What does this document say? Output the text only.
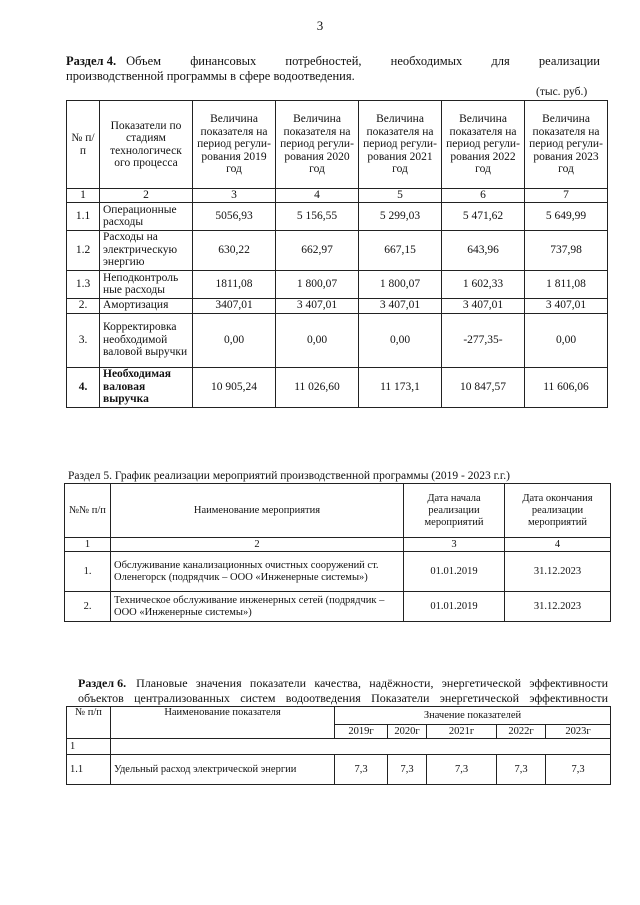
3
Раздел 4. Объем финансовых потребностей, необходимых для реализации
производственной программы в сфере водоотведения.
(тыс. руб.)
№ п/п	Показатели по стадиям технологическ ого процесса	Величина показателя на период регули- рования 2019 год	Величина показателя на период регули- рования 2020 год	Величина показателя на период регули- рования 2021 год	Величина показателя на период регули- рования 2022 год	Величина показателя на период регули- рования 2023 год
1	2	3	4	5	6	7
1.1	Операционные расходы	5056,93	5 156,55	5 299,03	5 471,62	5 649,99
1.2	Расходы на электрическую энергию	630,22	662,97	667,15	643,96	737,98
1.3	Неподконтроль ные расходы	1811,08	1 800,07	1 800,07	1 602,33	1 811,08
2.	Амортизация	3407,01	3 407,01	3 407,01	3 407,01	3 407,01
3.	Корректировка необходимой валовой выручки	0,00	0,00	0,00	-277,35-	0,00
4.	Необходимая валовая выручка	10 905,24	11 026,60	11 173,1	10 847,57	11 606,06
Раздел 5. График реализации мероприятий производственной программы (2019 - 2023 г.г.)
№№ п/п	Наименование мероприятия	Дата начала реализации мероприятий	Дата окончания реализации мероприятий
1	2	3	4
1.	Обслуживание канализационных очистных сооружений ст. Оленегорск (подрядчик – ООО «Инженерные системы»)	01.01.2019	31.12.2023
2.	Техническое обслуживание инженерных сетей (подрядчик – ООО «Инженерные системы»)	01.01.2019	31.12.2023
Раздел 6. Плановые значения показатели качества, надёжности, энергетической эффективности
объектов централизованных систем водоотведения Показатели энергетической эффективности
№ п/п	Наименование показателя	Значение показателей				
		2019г	2020г	2021г	2022г	2023г
1						
1.1	Удельный расход электрической энергии	7,3	7,3	7,3	7,3	7,3
